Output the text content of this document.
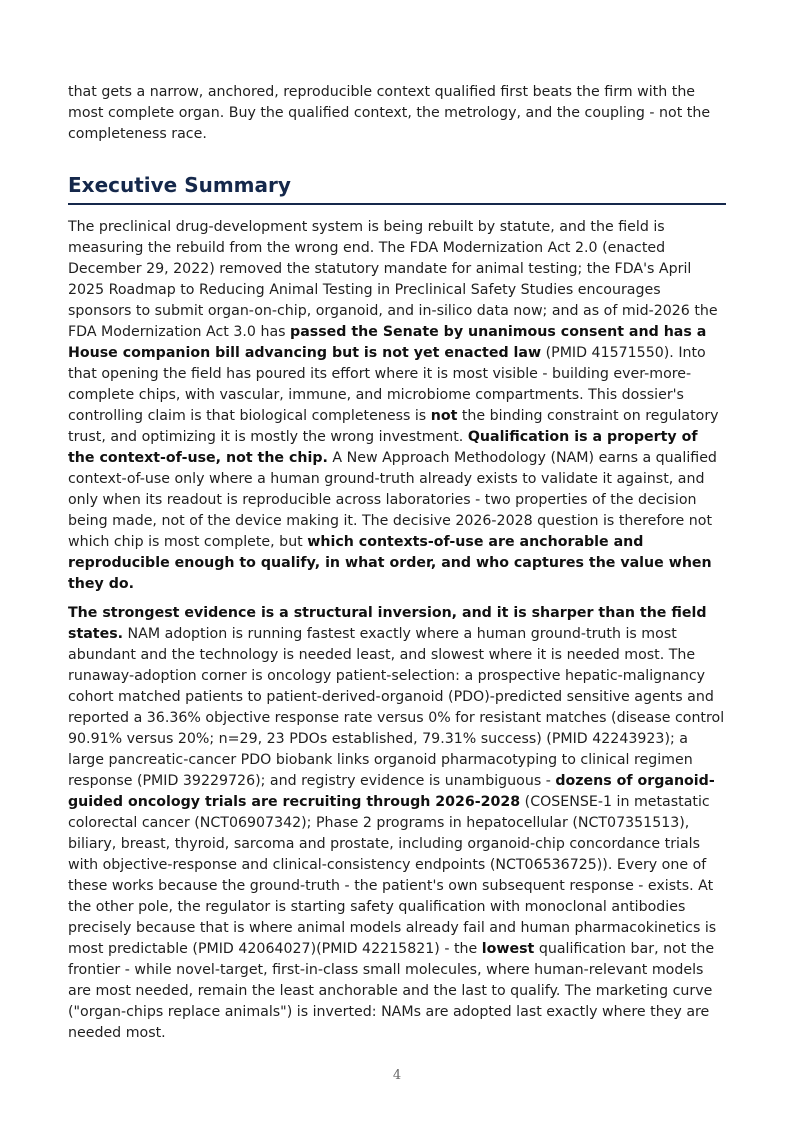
that gets a narrow, anchored, reproducible context qualified first beats the firm with the most complete organ. Buy the qualified context, the metrology, and the coupling - not the completeness race.

Executive Summary

The preclinical drug-development system is being rebuilt by statute, and the field is measuring the rebuild from the wrong end. The FDA Modernization Act 2.0 (enacted December 29, 2022) removed the statutory mandate for animal testing; the FDA's April 2025 Roadmap to Reducing Animal Testing in Preclinical Safety Studies encourages sponsors to submit organ-on-chip, organoid, and in-silico data now; and as of mid-2026 the FDA Modernization Act 3.0 has passed the Senate by unanimous consent and has a House companion bill advancing but is not yet enacted law (PMID 41571550). Into that opening the field has poured its effort where it is most visible - building ever-more-complete chips, with vascular, immune, and microbiome compartments. This dossier's controlling claim is that biological completeness is not the binding constraint on regulatory trust, and optimizing it is mostly the wrong investment. Qualification is a property of the context-of-use, not the chip. A New Approach Methodology (NAM) earns a qualified context-of-use only where a human ground-truth already exists to validate it against, and only when its readout is reproducible across laboratories - two properties of the decision being made, not of the device making it. The decisive 2026-2028 question is therefore not which chip is most complete, but which contexts-of-use are anchorable and reproducible enough to qualify, in what order, and who captures the value when they do.

The strongest evidence is a structural inversion, and it is sharper than the field states. NAM adoption is running fastest exactly where a human ground-truth is most abundant and the technology is needed least, and slowest where it is needed most. The runaway-adoption corner is oncology patient-selection: a prospective hepatic-malignancy cohort matched patients to patient-derived-organoid (PDO)-predicted sensitive agents and reported a 36.36% objective response rate versus 0% for resistant matches (disease control 90.91% versus 20%; n=29, 23 PDOs established, 79.31% success) (PMID 42243923); a large pancreatic-cancer PDO biobank links organoid pharmacotyping to clinical regimen response (PMID 39229726); and registry evidence is unambiguous - dozens of organoid-guided oncology trials are recruiting through 2026-2028 (COSENSE-1 in metastatic colorectal cancer (NCT06907342); Phase 2 programs in hepatocellular (NCT07351513), biliary, breast, thyroid, sarcoma and prostate, including organoid-chip concordance trials with objective-response and clinical-consistency endpoints (NCT06536725)). Every one of these works because the ground-truth - the patient's own subsequent response - exists. At the other pole, the regulator is starting safety qualification with monoclonal antibodies precisely because that is where animal models already fail and human pharmacokinetics is most predictable (PMID 42064027)(PMID 42215821) - the lowest qualification bar, not the frontier - while novel-target, first-in-class small molecules, where human-relevant models are most needed, remain the least anchorable and the last to qualify. The marketing curve ("organ-chips replace animals") is inverted: NAMs are adopted last exactly where they are needed most.

4
